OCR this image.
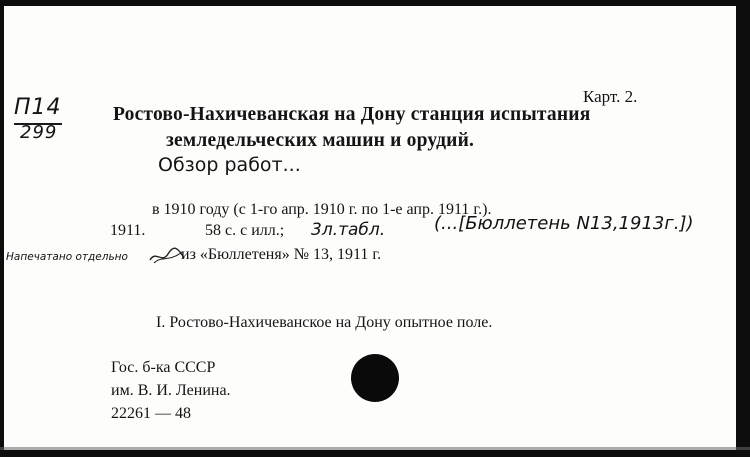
П14
299
Карт. 2.
Ростово-Нахичеванская на Дону станция испытания
земледельческих машин и орудий.
Обзор работ...
в 1910 году (с 1-го апр. 1910 г. по 1-е апр. 1911 г.).
1911.	58 с. с илл.; 3л.табл.	(...[Бюллетень N13,1913г.])
Напечатано отдельно	из «Бюллетеня» № 13, 1911 г.
I. Ростово-Нахичеванское на Дону опытное поле.
Гос. б-ка СССР
им. В. И. Ленина.
22261 — 48
